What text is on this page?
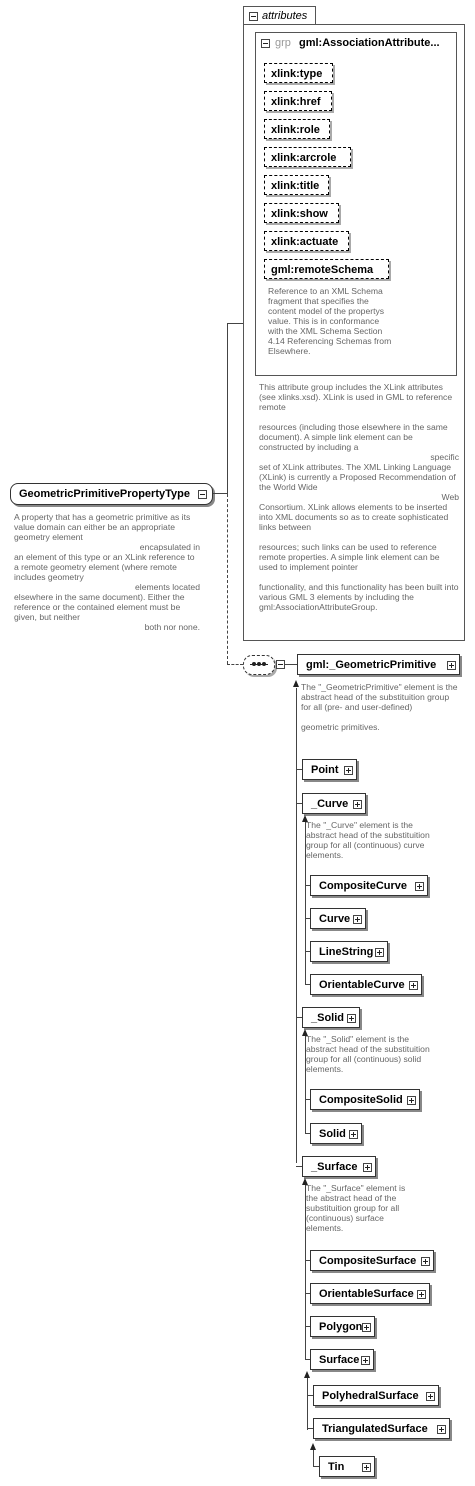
GeometricPrimitivePropertyType
A property that has a geometric primitive as its value domain can either be an appropriate geometry element
encapsulated in
an element of this type or an XLink reference to a remote geometry element (where remote includes geometry
elements located
elsewhere in the same document). Either the reference or the contained element must be given, but neither
both nor none.
attributes
grp gml:AssociationAttribute...
xlink:type
xlink:href
xlink:role
xlink:arcrole
xlink:title
xlink:show
xlink:actuate
gml:remoteSchema
Reference to an XML Schema fragment that specifies the content model of the propertys value. This is in conformance with the XML Schema Section 4.14 Referencing Schemas from Elsewhere.
This attribute group includes the XLink attributes (see xlinks.xsd). XLink is used in GML to reference remote
resources (including those elsewhere in the same document). A simple link element can be constructed by including a
specific
set of XLink attributes. The XML Linking Language (XLink) is currently a Proposed Recommendation of the World Wide
Web
Consortium. XLink allows elements to be inserted into XML documents so as to create sophisticated links between
resources; such links can be used to reference remote properties. A simple link element can be used to implement pointer
functionality, and this functionality has been built into various GML 3 elements by including the gml:AssociationAttributeGroup.
gml:_GeometricPrimitive
The "_GeometricPrimitive" element is the abstract head of the substituition group for all (pre- and user-defined)
geometric primitives.
Point
_Curve
The "_Curve" element is the abstract head of the substituition group for all (continuous) curve elements.
CompositeCurve
Curve
LineString
OrientableCurve
_Solid
The "_Solid" element is the abstract head of the substituition group for all (continuous) solid elements.
CompositeSolid
Solid
_Surface
The "_Surface" element is the abstract head of the substituition group for all (continuous) surface elements.
CompositeSurface
OrientableSurface
Polygon
Surface
PolyhedralSurface
TriangulatedSurface
Tin
